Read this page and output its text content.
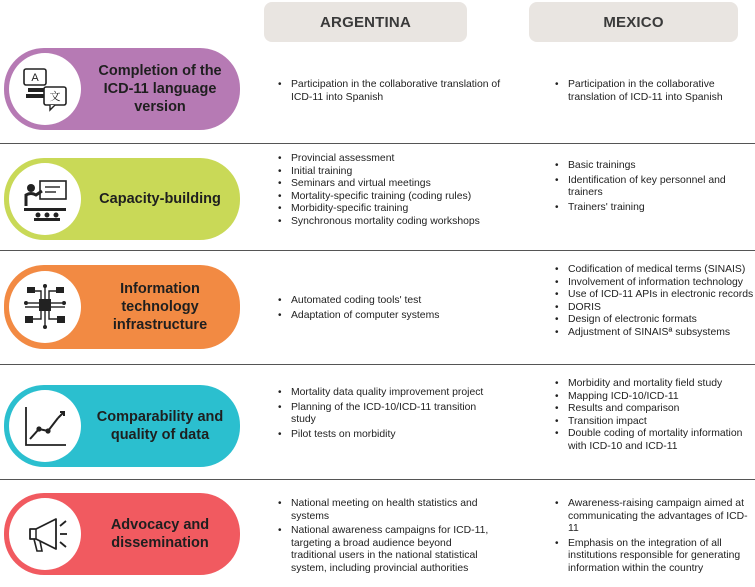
ARGENTINA	MEXICO
A
文
Completion of the ICD-11 language version
• Participation in the collaborative translation of ICD-11 into Spanish
• Participation in the collaborative translation of ICD-11 into Spanish
Capacity-building
• Provincial assessment
• Initial training
• Seminars and virtual meetings
• Mortality-specific training (coding rules)
• Morbidity-specific training
• Synchronous mortality coding workshops
• Basic trainings
• Identification of key personnel and trainers
• Trainers' training
Information technology infrastructure
• Automated coding tools' test
• Adaptation of computer systems
• Codification of medical terms (SINAIS)
• Involvement of information technology
• Use of ICD-11 APIs in electronic records
• DORIS
• Design of electronic formats
• Adjustment of SINAISª subsystems
Comparability and quality of data
• Mortality data quality improvement project
• Planning of the ICD-10/ICD-11 transition study
• Pilot tests on morbidity
• Morbidity and mortality field study
• Mapping ICD-10/ICD-11
• Results and comparison
• Transition impact
• Double coding of mortality information with ICD-10 and ICD-11
Advocacy and dissemination
• National meeting on health statistics and systems
• National awareness campaigns for ICD-11, targeting a broad audience beyond traditional users in the national statistical system, including provincial authorities
• Awareness-raising campaign aimed at communicating the advantages of ICD-11
• Emphasis on the integration of all institutions responsible for generating information within the country
